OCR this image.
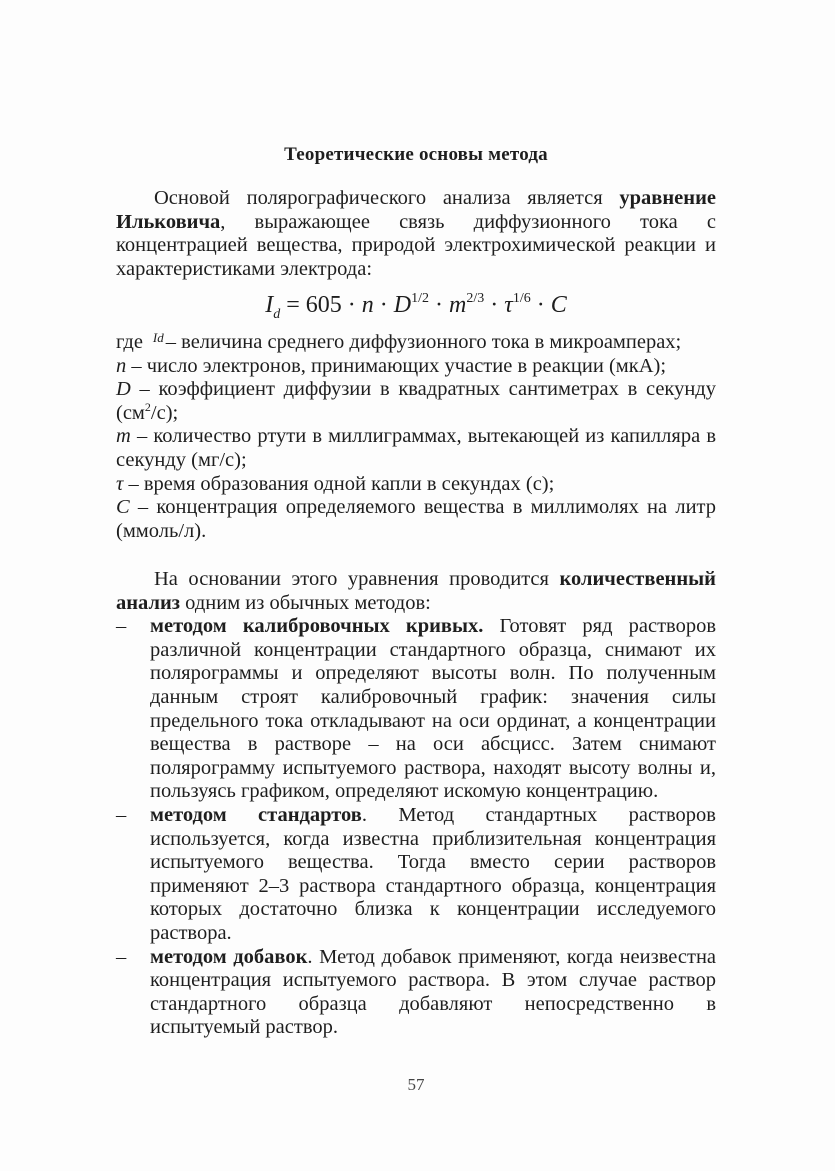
Теоретические основы метода

Основой полярографического анализа является уравнение Ильковича, выражающее связь диффузионного тока с концентрацией вещества, природой электрохимической реакции и характеристиками электрода:

$I_d = 605 \cdot n \cdot D^{1/2} \cdot m^{2/3} \cdot \tau^{1/6} \cdot C$

где $^{Id}$– величина среднего диффузионного тока в микроамперах;

n – число электронов, принимающих участие в реакции (мкА);

D – коэффициент диффузии в квадратных сантиметрах в секунду $(см^2/с)$;

m – количество ртути в миллиграммах, вытекающей из капилляра в секунду (мг/с);

τ – время образования одной капли в секундах (с);

C – концентрация определяемого вещества в миллимолях на литр (ммоль/л).

На основании этого уравнения проводится количественный анализ одним из обычных методов:

– методом калибровочных кривых. Готовят ряд растворов различной концентрации стандартного образца, снимают их полярограммы и определяют высоты волн. По полученным данным строят калибровочный график: значения силы предельного тока откладывают на оси ординат, а концентрации вещества в растворе – на оси абсцисс. Затем снимают полярограмму испытуемого раствора, находят высоту волны и, пользуясь графиком, определяют искомую концентрацию.
– методом стандартов. Метод стандартных растворов используется, когда известна приблизительная концентрация испытуемого вещества. Тогда вместо серии растворов применяют 2–3 раствора стандартного образца, концентрация которых достаточно близка к концентрации исследуемого раствора.
– методом добавок. Метод добавок применяют, когда неизвестна концентрация испытуемого раствора. В этом случае раствор стандартного образца добавляют непосредственно в испытуемый раствор.
57
